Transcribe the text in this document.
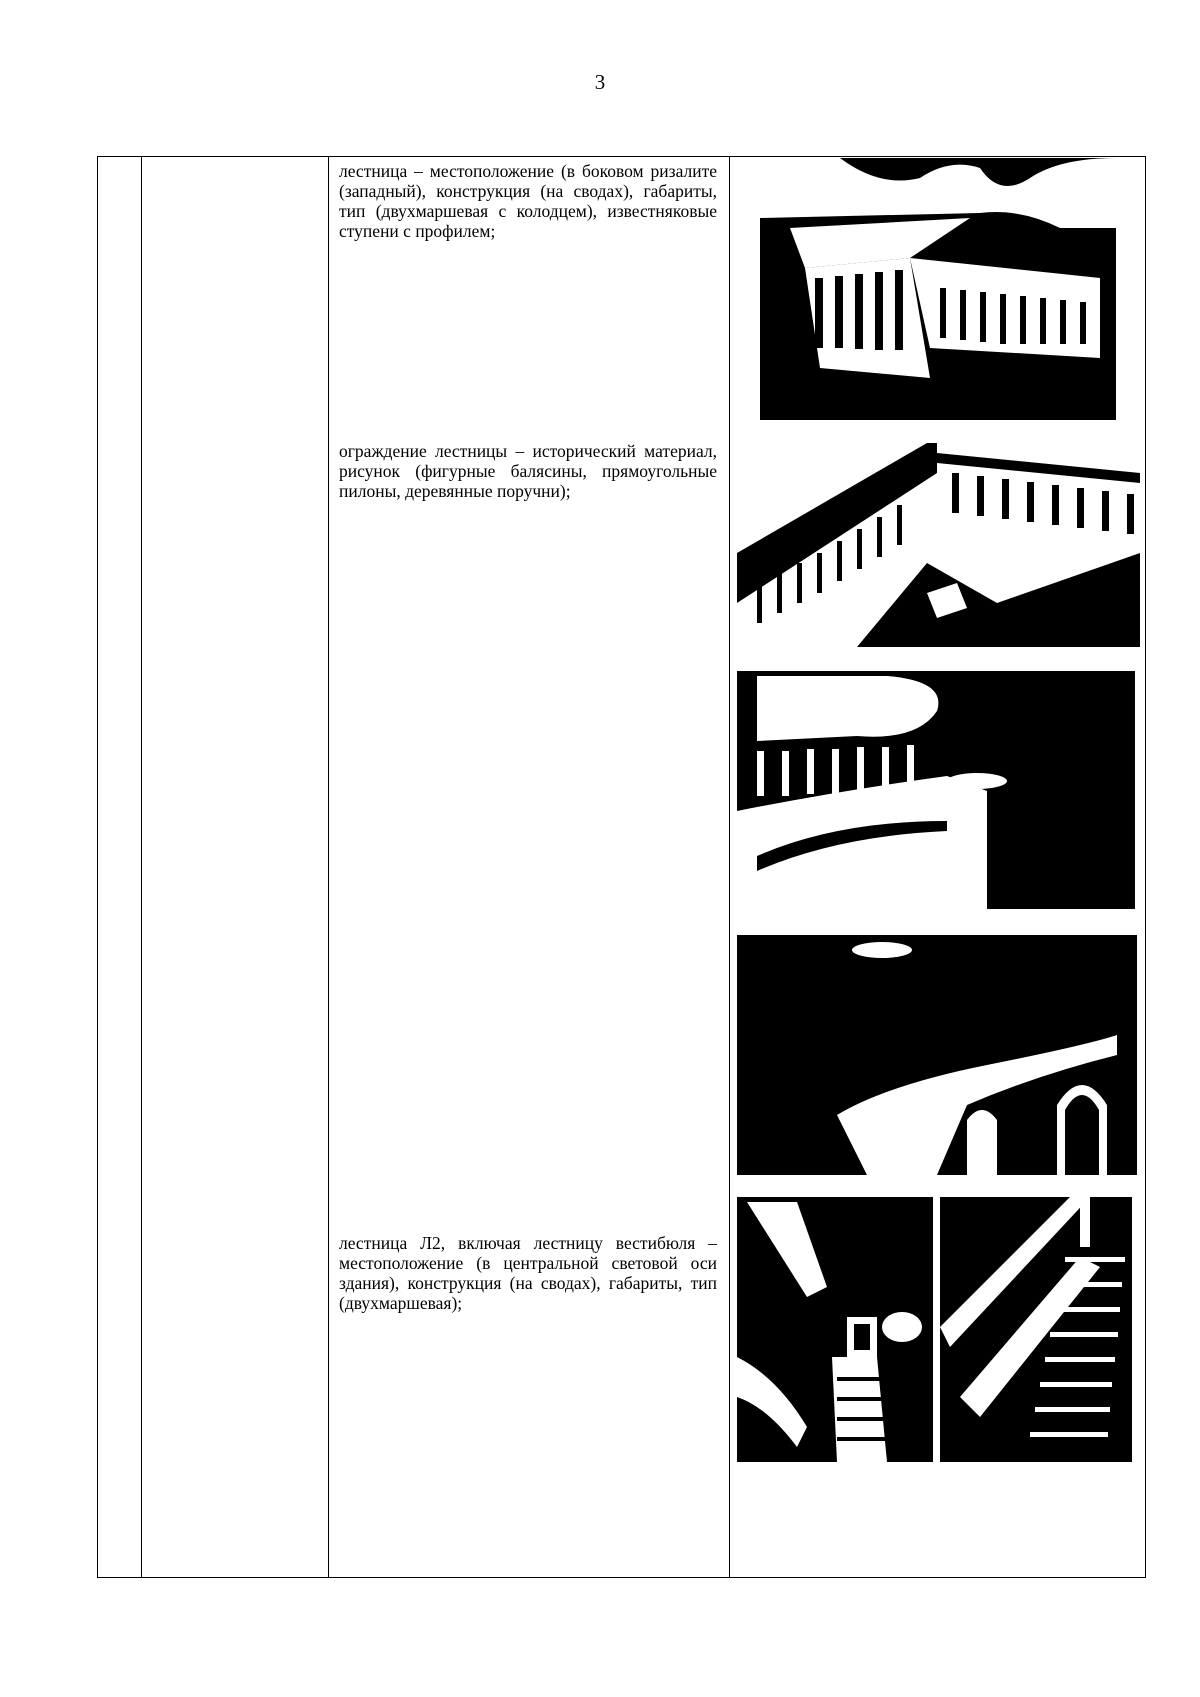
3
лестница – местоположение (в боковом ризалите (западный), конструкция (на сводах), габариты, тип (двухмаршевая с колодцем), известняковые ступени с профилем;
ограждение лестницы – исторический материал, рисунок (фигурные балясины, прямоугольные пилоны, деревянные поручни);
лестница Л2, включая лестницу вестибюля – местоположение (в центральной световой оси здания), конструкция (на сводах), габариты, тип (двухмаршевая);
